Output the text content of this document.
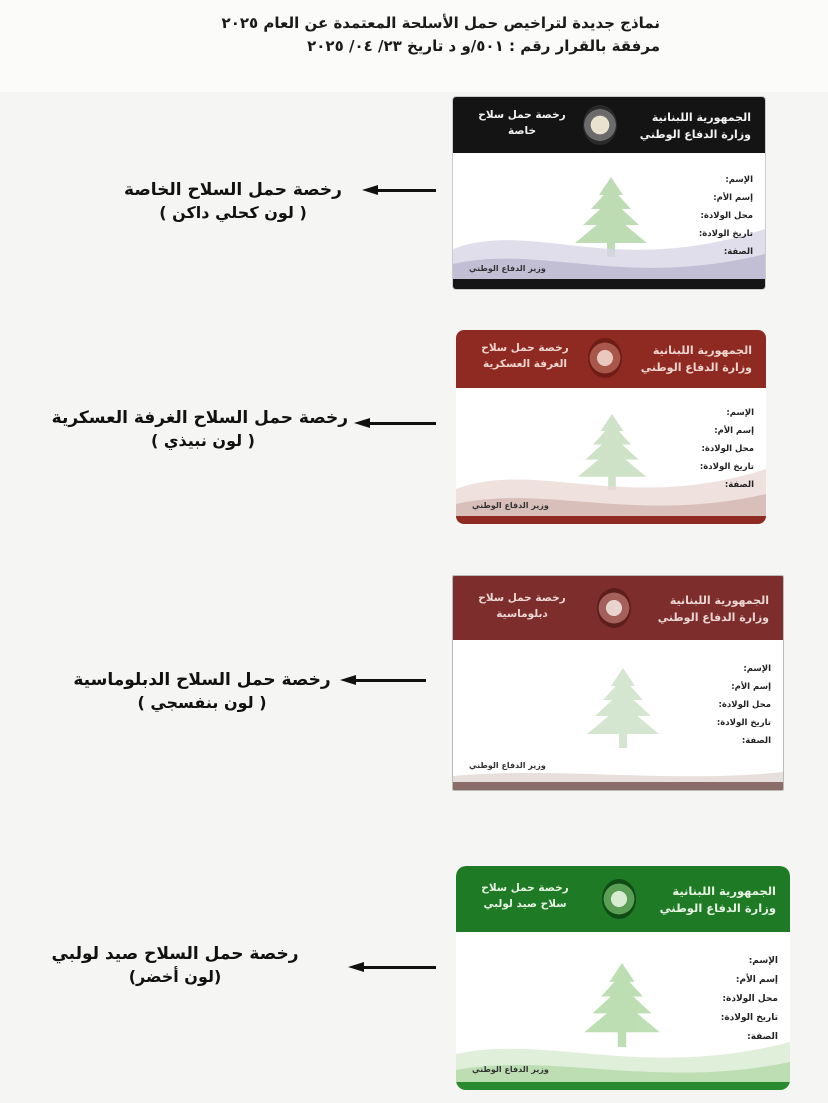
نماذج جديدة لتراخيص حمل الأسلحة المعتمدة عن العام ٢٠٢٥
مرفقة بالقرار رقم : ٥٠١/و د تاريخ ٢٣/ ٠٤/ ٢٠٢٥
رخصة حمل السلاح الخاصة
( لون كحلي داكن )
الجمهورية اللبنانية
وزارة الدفاع الوطني
رخصة حمل سلاح
خاصة
الإسم:
إسم الأم:
محل الولادة:
تاريخ الولادة:
الصفة:
وزير الدفاع الوطني
رخصة حمل السلاح الغرفة العسكرية
( لون نبيذي )
الجمهورية اللبنانية
وزارة الدفاع الوطني
رخصة حمل سلاح
الغرفة العسكرية
الإسم:
إسم الأم:
محل الولادة:
تاريخ الولادة:
الصفة:
وزير الدفاع الوطني
رخصة حمل السلاح الدبلوماسية
( لون بنفسجي )
الجمهورية اللبنانية
وزارة الدفاع الوطني
رخصة حمل سلاح
دبلوماسية
الإسم:
إسم الأم:
محل الولادة:
تاريخ الولادة:
الصفة:
وزير الدفاع الوطني
رخصة حمل السلاح صيد لولبي
(لون أخضر)
الجمهورية اللبنانية
وزارة الدفاع الوطني
رخصة حمل سلاح
سلاح صيد لولبي
الإسم:
إسم الأم:
محل الولادة:
تاريخ الولادة:
الصفة:
وزير الدفاع الوطني
